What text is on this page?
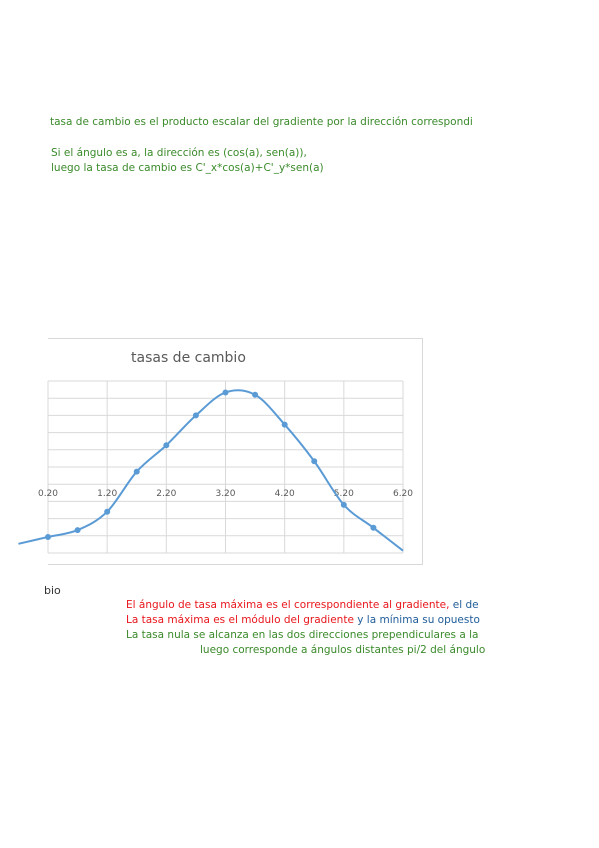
tasa de cambio es el producto escalar del gradiente por la dirección correspondi
Si el ángulo es a, la dirección es (cos(a), sen(a)),
luego la tasa de cambio es C'_x*cos(a)+C'_y*sen(a)
tasas de cambio
0.20	1.20	2.20	3.20	4.20	5.20	6.20
bio
El ángulo de tasa máxima es el correspondiente al gradiente, el de
La tasa máxima es el módulo del gradiente y la mínima su opuesto
La tasa nula se alcanza en las dos direcciones prependiculares a la
luego corresponde a ángulos distantes pi/2 del ángulo
